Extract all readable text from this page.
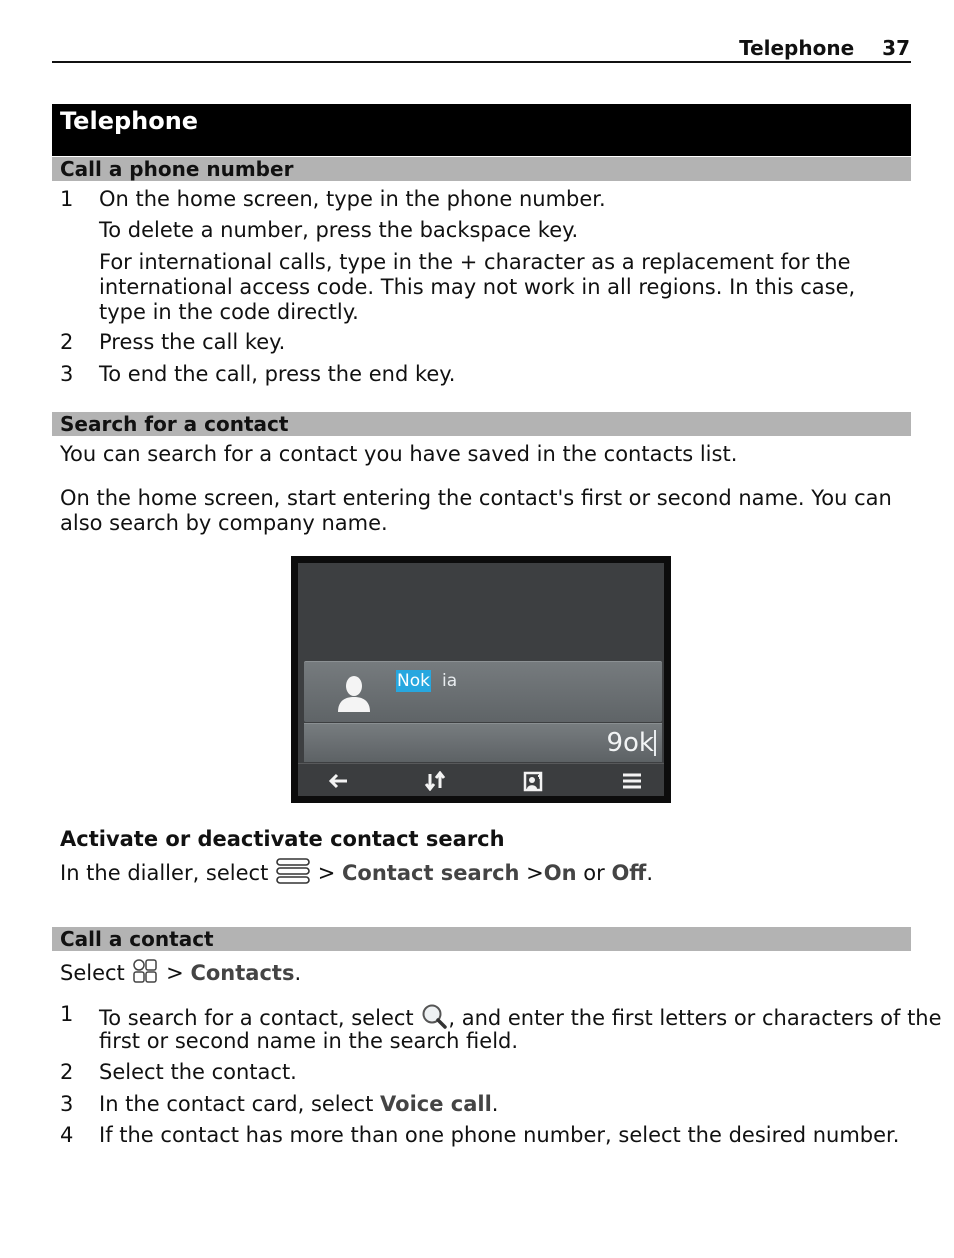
Telephone 37
Telephone
Call a phone number
1 On the home screen, type in the phone number.
To delete a number, press the backspace key.
For international calls, type in the + character as a replacement for the international access code. This may not work in all regions. In this case, type in the code directly.
2 Press the call key.
3 To end the call, press the end key.
Search for a contact
You can search for a contact you have saved in the contacts list.
On the home screen, start entering the contact's first or second name. You can also search by company name.
Nok ia
9ok
Activate or deactivate contact search
In the dialler, select > Contact search >On or Off.
Call a contact
Select > Contacts.
1 To search for a contact, select , and enter the first letters or characters of the
first or second name in the search field.
2 Select the contact.
3 In the contact card, select Voice call.
4 If the contact has more than one phone number, select the desired number.
